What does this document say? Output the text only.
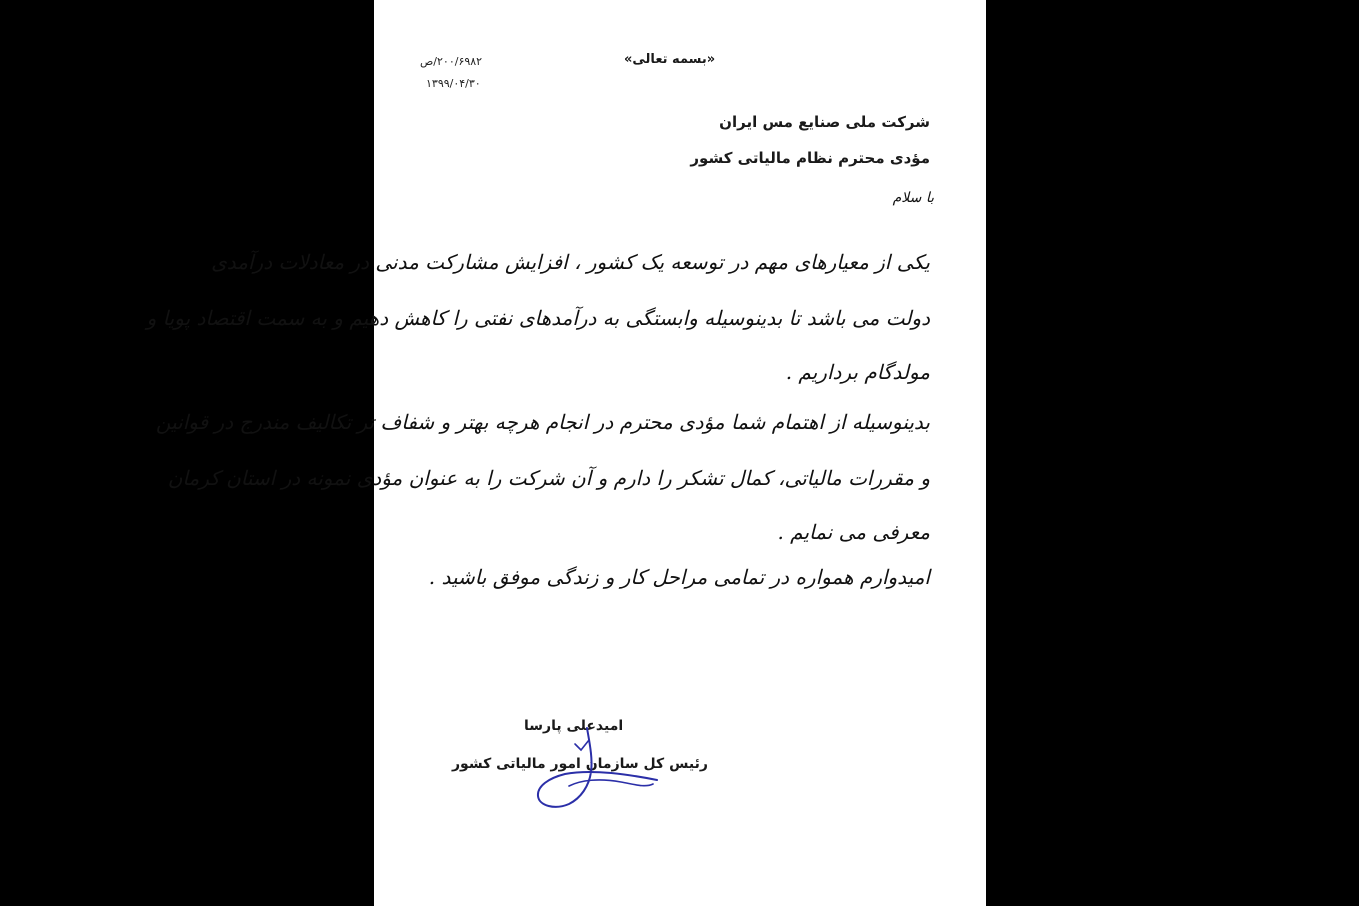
«بسمه تعالی»

۲۰۰/۶۹۸۲/ص

۱۳۹۹/۰۴/۳۰

شرکت ملی صنایع مس ایران

مؤدی محترم نظام مالیاتی کشور

با سلام

یکی از معیارهای مهم در توسعه یک کشور ، افزایش مشارکت مدنی در معادلات درآمدی

دولت می باشد تا بدینوسیله وابستگی به درآمدهای نفتی را کاهش دهیم و به سمت اقتصاد پویا و

مولدگام برداریم .

بدینوسیله از اهتمام شما مؤدی محترم در انجام هرچه بهتر و شفاف تر تکالیف مندرج در قوانین

و مقررات مالیاتی، کمال تشکر را دارم و آن شرکت را به عنوان مؤدی نمونه در استان کرمان

معرفی می نمایم .

امیدوارم همواره در تمامی مراحل کار و زندگی موفق باشید .

امیدعلی پارسا

رئیس کل سازمان امور مالیاتی کشور
